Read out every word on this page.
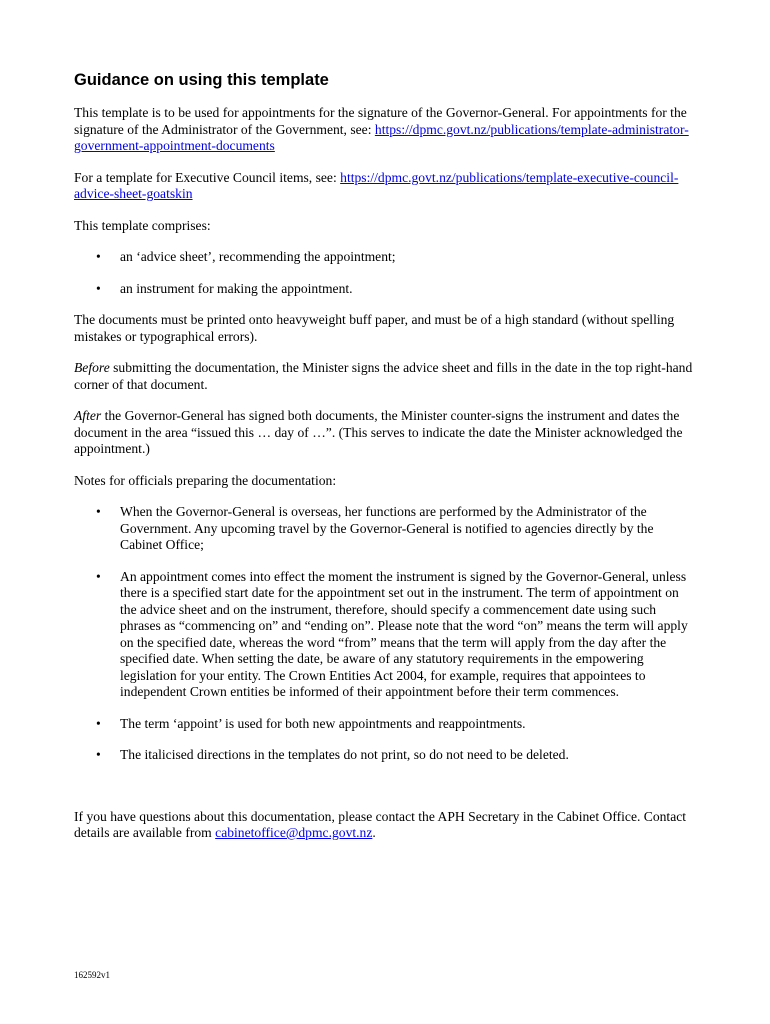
Guidance on using this template

This template is to be used for appointments for the signature of the Governor-General. For appointments for the signature of the Administrator of the Government, see: https://dpmc.govt.nz/publications/template-administrator-government-appointment-documents

For a template for Executive Council items, see: https://dpmc.govt.nz/publications/template-executive-council-advice-sheet-goatskin

This template comprises:

• an ‘advice sheet’, recommending the appointment;
• an instrument for making the appointment.

The documents must be printed onto heavyweight buff paper, and must be of a high standard (without spelling mistakes or typographical errors).

Before submitting the documentation, the Minister signs the advice sheet and fills in the date in the top right-hand corner of that document.

After the Governor-General has signed both documents, the Minister counter-signs the instrument and dates the document in the area “issued this … day of …”. (This serves to indicate the date the Minister acknowledged the appointment.)

Notes for officials preparing the documentation:

• When the Governor-General is overseas, her functions are performed by the Administrator of the Government. Any upcoming travel by the Governor-General is notified to agencies directly by the Cabinet Office;
• An appointment comes into effect the moment the instrument is signed by the Governor-General, unless there is a specified start date for the appointment set out in the instrument. The term of appointment on the advice sheet and on the instrument, therefore, should specify a commencement date using such phrases as “commencing on” and “ending on”. Please note that the word “on” means the term will apply on the specified date, whereas the word “from” means that the term will apply from the day after the specified date. When setting the date, be aware of any statutory requirements in the empowering legislation for your entity. The Crown Entities Act 2004, for example, requires that appointees to independent Crown entities be informed of their appointment before their term commences.
• The term ‘appoint’ is used for both new appointments and reappointments.
• The italicised directions in the templates do not print, so do not need to be deleted.

If you have questions about this documentation, please contact the APH Secretary in the Cabinet Office. Contact details are available from cabinetoffice@dpmc.govt.nz.

162592v1
